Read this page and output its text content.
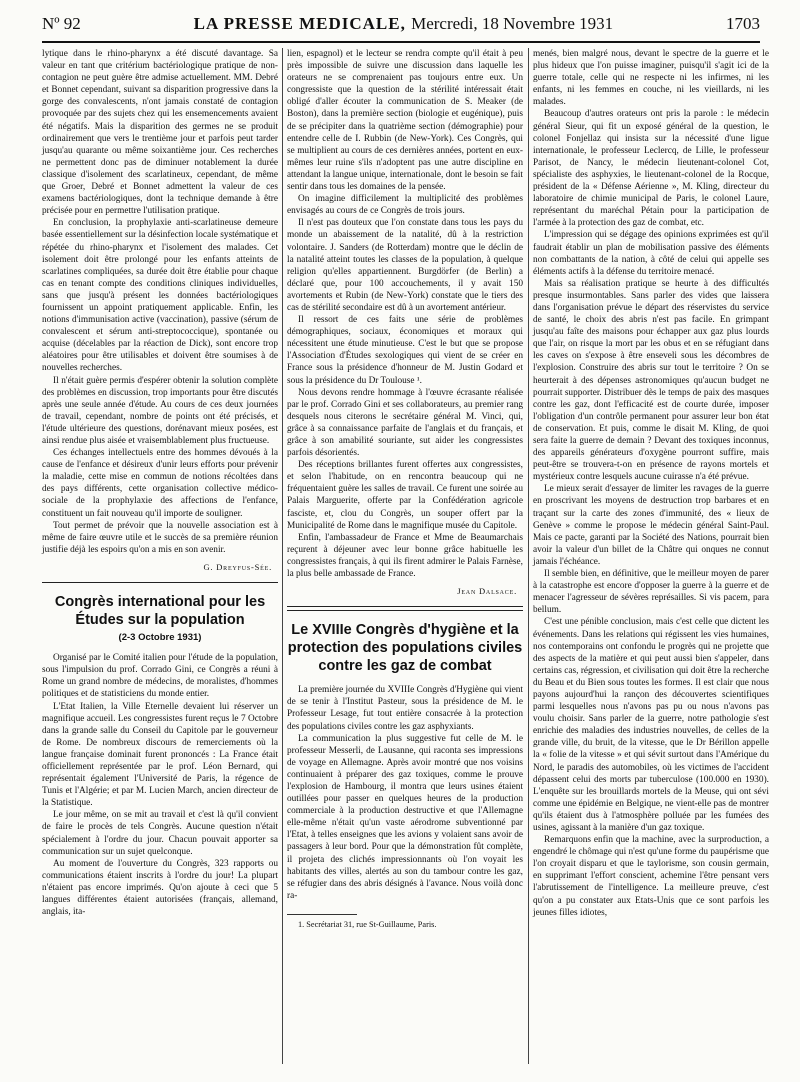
Nº 92	LA PRESSE MEDICALE, Mercredi, 18 Novembre 1931	1703

lytique dans le rhino-pharynx a été discuté davantage. Sa valeur en tant que critérium bactériologique pratique de non-contagion ne peut guère être admise actuellement. MM. Debré et Bonnet cependant, suivant sa disparition progressive dans la gorge des convalescents, n'ont jamais constaté de contagion provoquée par des sujets chez qui les ensemencements avaient été négatifs. Mais la disparition des germes ne se produit ordinairement que vers le trentième jour et parfois peut tarder jusqu'au quarante ou même soixantième jour. Ces recherches ne permettent donc pas de diminuer notablement la durée classique d'isolement des scarlatineux, cependant, de même que Groer, Debré et Bonnet admettent la valeur de ces examens bactériologiques, dont la technique demande à être précisée pour en permettre l'utilisation pratique.

En conclusion, la prophylaxie anti-scarlatineuse demeure basée essentiellement sur la désinfection locale systématique et répétée du rhino-pharynx et l'isolement des malades. Cet isolement doit être prolongé pour les enfants atteints de scarlatines compliquées, sa durée doit être établie pour chaque cas en tenant compte des conditions cliniques individuelles, sans que jusqu'à présent les données bactériologiques fournissent un appoint pratiquement applicable. Enfin, les notions d'immunisation active (vaccination), passive (sérum de convalescent et sérum anti-streptococcique), spontanée ou acquise (décelables par la réaction de Dick), sont encore trop aléatoires pour être utilisables et doivent être soumises à de nouvelles recherches.

Il n'était guère permis d'espérer obtenir la solution complète des problèmes en discussion, trop importants pour être discutés après une seule année d'étude. Au cours de ces deux journées de travail, cependant, nombre de points ont été précisés, et l'étude ultérieure des questions, dorénavant mieux posées, est ainsi rendue plus aisée et vraisemblablement plus fructueuse.

Ces échanges intellectuels entre des hommes dévoués à la cause de l'enfance et désireux d'unir leurs efforts pour prévenir la maladie, cette mise en commun de notions récoltées dans des pays différents, cette organisation collective médico-sociale de la prophylaxie des affections de l'enfance, constituent un fait nouveau qu'il importe de souligner.

Tout permet de prévoir que la nouvelle association est à même de faire œuvre utile et le succès de sa première réunion justifie déjà les espoirs qu'on a mis en son avenir.

G. Dreyfus-Sée.
Congrès international pour les Études sur la population
(2-3 Octobre 1931)

Organisé par le Comité italien pour l'étude de la population, sous l'impulsion du prof. Corrado Gini, ce Congrès a réuni à Rome un grand nombre de médecins, de moralistes, d'hommes politiques et de statisticiens du monde entier.

L'Etat Italien, la Ville Eternelle devaient lui réserver un magnifique accueil. Les congressistes furent reçus le 7 Octobre dans la grande salle du Conseil du Capitole par le gouverneur de Rome. De nombreux discours de remerciements où la langue française dominait furent prononcés : La France était officiellement représentée par le prof. Léon Bernard, qui représentait également l'Université de Paris, la régence de Tunis et l'Algérie; et par M. Lucien March, ancien directeur de la Statistique.

Le jour même, on se mit au travail et c'est là qu'il convient de faire le procès de tels Congrès. Aucune question n'était spécialement à l'ordre du jour. Chacun pouvait apporter sa communication sur un sujet quelconque.

Au moment de l'ouverture du Congrès, 323 rapports ou communications étaient inscrits à l'ordre du jour! La plupart n'étaient pas encore imprimés. Qu'on ajoute à ceci que 5 langues différentes étaient autorisées (français, allemand, anglais, ita-

lien, espagnol) et le lecteur se rendra compte qu'il était à peu près impossible de suivre une discussion dans laquelle les orateurs ne se comprenaient pas toujours entre eux. Un congressiste que la question de la stérilité intéressait était obligé d'aller écouter la communication de S. Meaker (de Boston), dans la première section (biologie et eugénique), puis de se précipiter dans la quatrième section (démographie) pour entendre celle de I. Rubbin (de New-York). Ces Congrès, qui se multiplient au cours de ces dernières années, portent en eux-mêmes leur ruine s'ils n'adoptent pas une autre discipline en attendant la langue unique, internationale, dont le besoin se fait sentir dans tous les domaines de la pensée.

On imagine difficilement la multiplicité des problèmes envisagés au cours de ce Congrès de trois jours.

Il n'est pas douteux que l'on constate dans tous les pays du monde un abaissement de la natalité, dû à la restriction volontaire. J. Sanders (de Rotterdam) montre que le déclin de la natalité atteint toutes les classes de la population, à quelque religion qu'elles appartiennent. Burgdörfer (de Berlin) a déclaré que, pour 100 accouchements, il y avait 150 avortements et Rubin (de New-York) constate que le tiers des cas de stérilité secondaire est dû à un avortement antérieur.

Il ressort de ces faits une série de problèmes démographiques, sociaux, économiques et moraux qui nécessitent une étude minutieuse. C'est le but que se propose l'Association d'Études sexologiques qui vient de se créer en France sous la présidence d'honneur de M. Justin Godard et sous la présidence du Dr Toulouse ¹.

Nous devons rendre hommage à l'œuvre écrasante réalisée par le prof. Corrado Gini et ses collaborateurs, au premier rang desquels nous citerons le secrétaire général M. Vinci, qui, grâce à sa connaissance parfaite de l'anglais et du français, et grâce à son amabilité souriante, sut aider les congressistes parfois désorientés.

Des réceptions brillantes furent offertes aux congressistes, et selon l'habitude, on en rencontra beaucoup qui ne fréquentaient guère les salles de travail. Ce furent une soirée au Palais Marguerite, offerte par la Confédération agricole fasciste, et, clou du Congrès, un souper offert par la Municipalité de Rome dans le magnifique musée du Capitole.

Enfin, l'ambassadeur de France et Mme de Beaumarchais reçurent à déjeuner avec leur bonne grâce habituelle les congressistes français, à qui ils firent admirer le Palais Farnèse, la plus belle ambassade de France.

Jean Dalsace.
Le XVIIIe Congrès d'hygiène et la protection des populations civiles contre les gaz de combat

La première journée du XVIIIe Congrès d'Hygiène qui vient de se tenir à l'Institut Pasteur, sous la présidence de M. le Professeur Lesage, fut tout entière consacrée à la protection des populations civiles contre les gaz asphyxiants.

La communication la plus suggestive fut celle de M. le professeur Messerli, de Lausanne, qui raconta ses impressions de voyage en Allemagne. Après avoir montré que nos voisins continuaient à préparer des gaz toxiques, comme le prouve l'explosion de Hambourg, il montra que leurs usines étaient outillées pour passer en quelques heures de la production commerciale à la production destructive et que l'Allemagne elle-même n'était qu'un vaste aérodrome subventionné par l'Etat, à telles enseignes que les avions y volaient sans avoir de passagers à leur bord. Pour que la démonstration fût complète, il projeta des clichés impressionnants où l'on voyait les habitants des villes, alertés au son du tambour contre les gaz, se réfugier dans des abris désignés à l'avance. Nous voilà donc ra-

1. Secrétariat 31, rue St-Guillaume, Paris.

menés, bien malgré nous, devant le spectre de la guerre et le plus hideux que l'on puisse imaginer, puisqu'il s'agit ici de la guerre totale, celle qui ne respecte ni les infirmes, ni les enfants, ni les femmes en couche, ni les vieillards, ni les malades.

Beaucoup d'autres orateurs ont pris la parole : le médecin général Sieur, qui fit un exposé général de la question, le colonel Fonjellaz qui insista sur la nécessité d'une ligue internationale, le professeur Leclercq, de Lille, le professeur Parisot, de Nancy, le médecin lieutenant-colonel Cot, spécialiste des asphyxies, le lieutenant-colonel de la Rocque, président de la « Défense Aérienne », M. Kling, directeur du laboratoire de chimie municipal de Paris, le colonel Laure, représentant du maréchal Pétain pour la participation de l'armée à la protection des gaz de combat, etc.

L'impression qui se dégage des opinions exprimées est qu'il faudrait établir un plan de mobilisation passive des éléments non combattants de la nation, à côté de celui qui appelle ses éléments actifs à la défense du territoire menacé.

Mais sa réalisation pratique se heurte à des difficultés presque insurmontables. Sans parler des vides que laissera dans l'organisation prévue le départ des réservistes du service de santé, le choix des abris n'est pas facile. En grimpant jusqu'au faîte des maisons pour échapper aux gaz plus lourds que l'air, on risque la mort par les obus et en se réfugiant dans les caves on s'expose à être enseveli sous les décombres de l'explosion. Construire des abris sur tout le territoire ? On se heurterait à des dépenses astronomiques qu'aucun budget ne pourrait supporter. Distribuer dès le temps de paix des masques contre les gaz, dont l'efficacité est de courte durée, imposer l'obligation d'un contrôle permanent pour assurer leur bon état de conservation. Et puis, comme le disait M. Kling, de quoi sera faite la guerre de demain ? Devant des toxiques inconnus, des appareils générateurs d'oxygène pourront suffire, mais peut-être se trouvera-t-on en présence de rayons mortels et mystérieux contre lesquels aucune cuirasse n'a été prévue.

Le mieux serait d'essayer de limiter les ravages de la guerre en proscrivant les moyens de destruction trop barbares et en traçant sur la carte des zones d'immunité, des « lieux de Genève » comme le propose le médecin général Saint-Paul. Mais ce pacte, garanti par la Société des Nations, pourrait bien avoir la valeur d'un billet de la Châtre qui onques ne connut jamais l'échéance.

Il semble bien, en définitive, que le meilleur moyen de parer à la catastrophe est encore d'opposer la guerre à la guerre et de menacer l'agresseur de sévères représailles. Si vis pacem, para bellum.

C'est une pénible conclusion, mais c'est celle que dictent les événements. Dans les relations qui régissent les vies humaines, nos contemporains ont confondu le progrès qui ne projette que des aspects de la matière et qui peut aussi bien s'appeler, dans certains cas, régression, et civilisation qui doit être la recherche du Beau et du Bien sous toutes les formes. Il est clair que nous payons aujourd'hui la rançon des découvertes scientifiques parmi lesquelles nous n'avons pas pu ou nous n'avons pas voulu choisir. Sans parler de la guerre, notre pathologie s'est enrichie des maladies des industries nouvelles, de celles de la grande ville, du bruit, de la vitesse, que le Dr Bérillon appelle la « folie de la vitesse » et qui sévit surtout dans l'Amérique du Nord, le paradis des automobiles, où les victimes de l'accident dépassent celui des morts par tuberculose (100.000 en 1930). L'enquête sur les brouillards mortels de la Meuse, qui ont sévi comme une épidémie en Belgique, ne vient-elle pas de montrer qu'ils étaient dus à l'atmosphère polluée par les fumées des usines, agissant à la manière d'un gaz toxique.

Remarquons enfin que la machine, avec la surproduction, a engendré le chômage qui n'est qu'une forme du paupérisme que l'on croyait disparu et que le taylorisme, son cousin germain, en supprimant l'effort conscient, achemine l'être pensant vers l'abrutissement de l'intelligence. La meilleure preuve, c'est qu'on a pu constater aux Etats-Unis que ce sont parfois les jeunes filles idiotes,
